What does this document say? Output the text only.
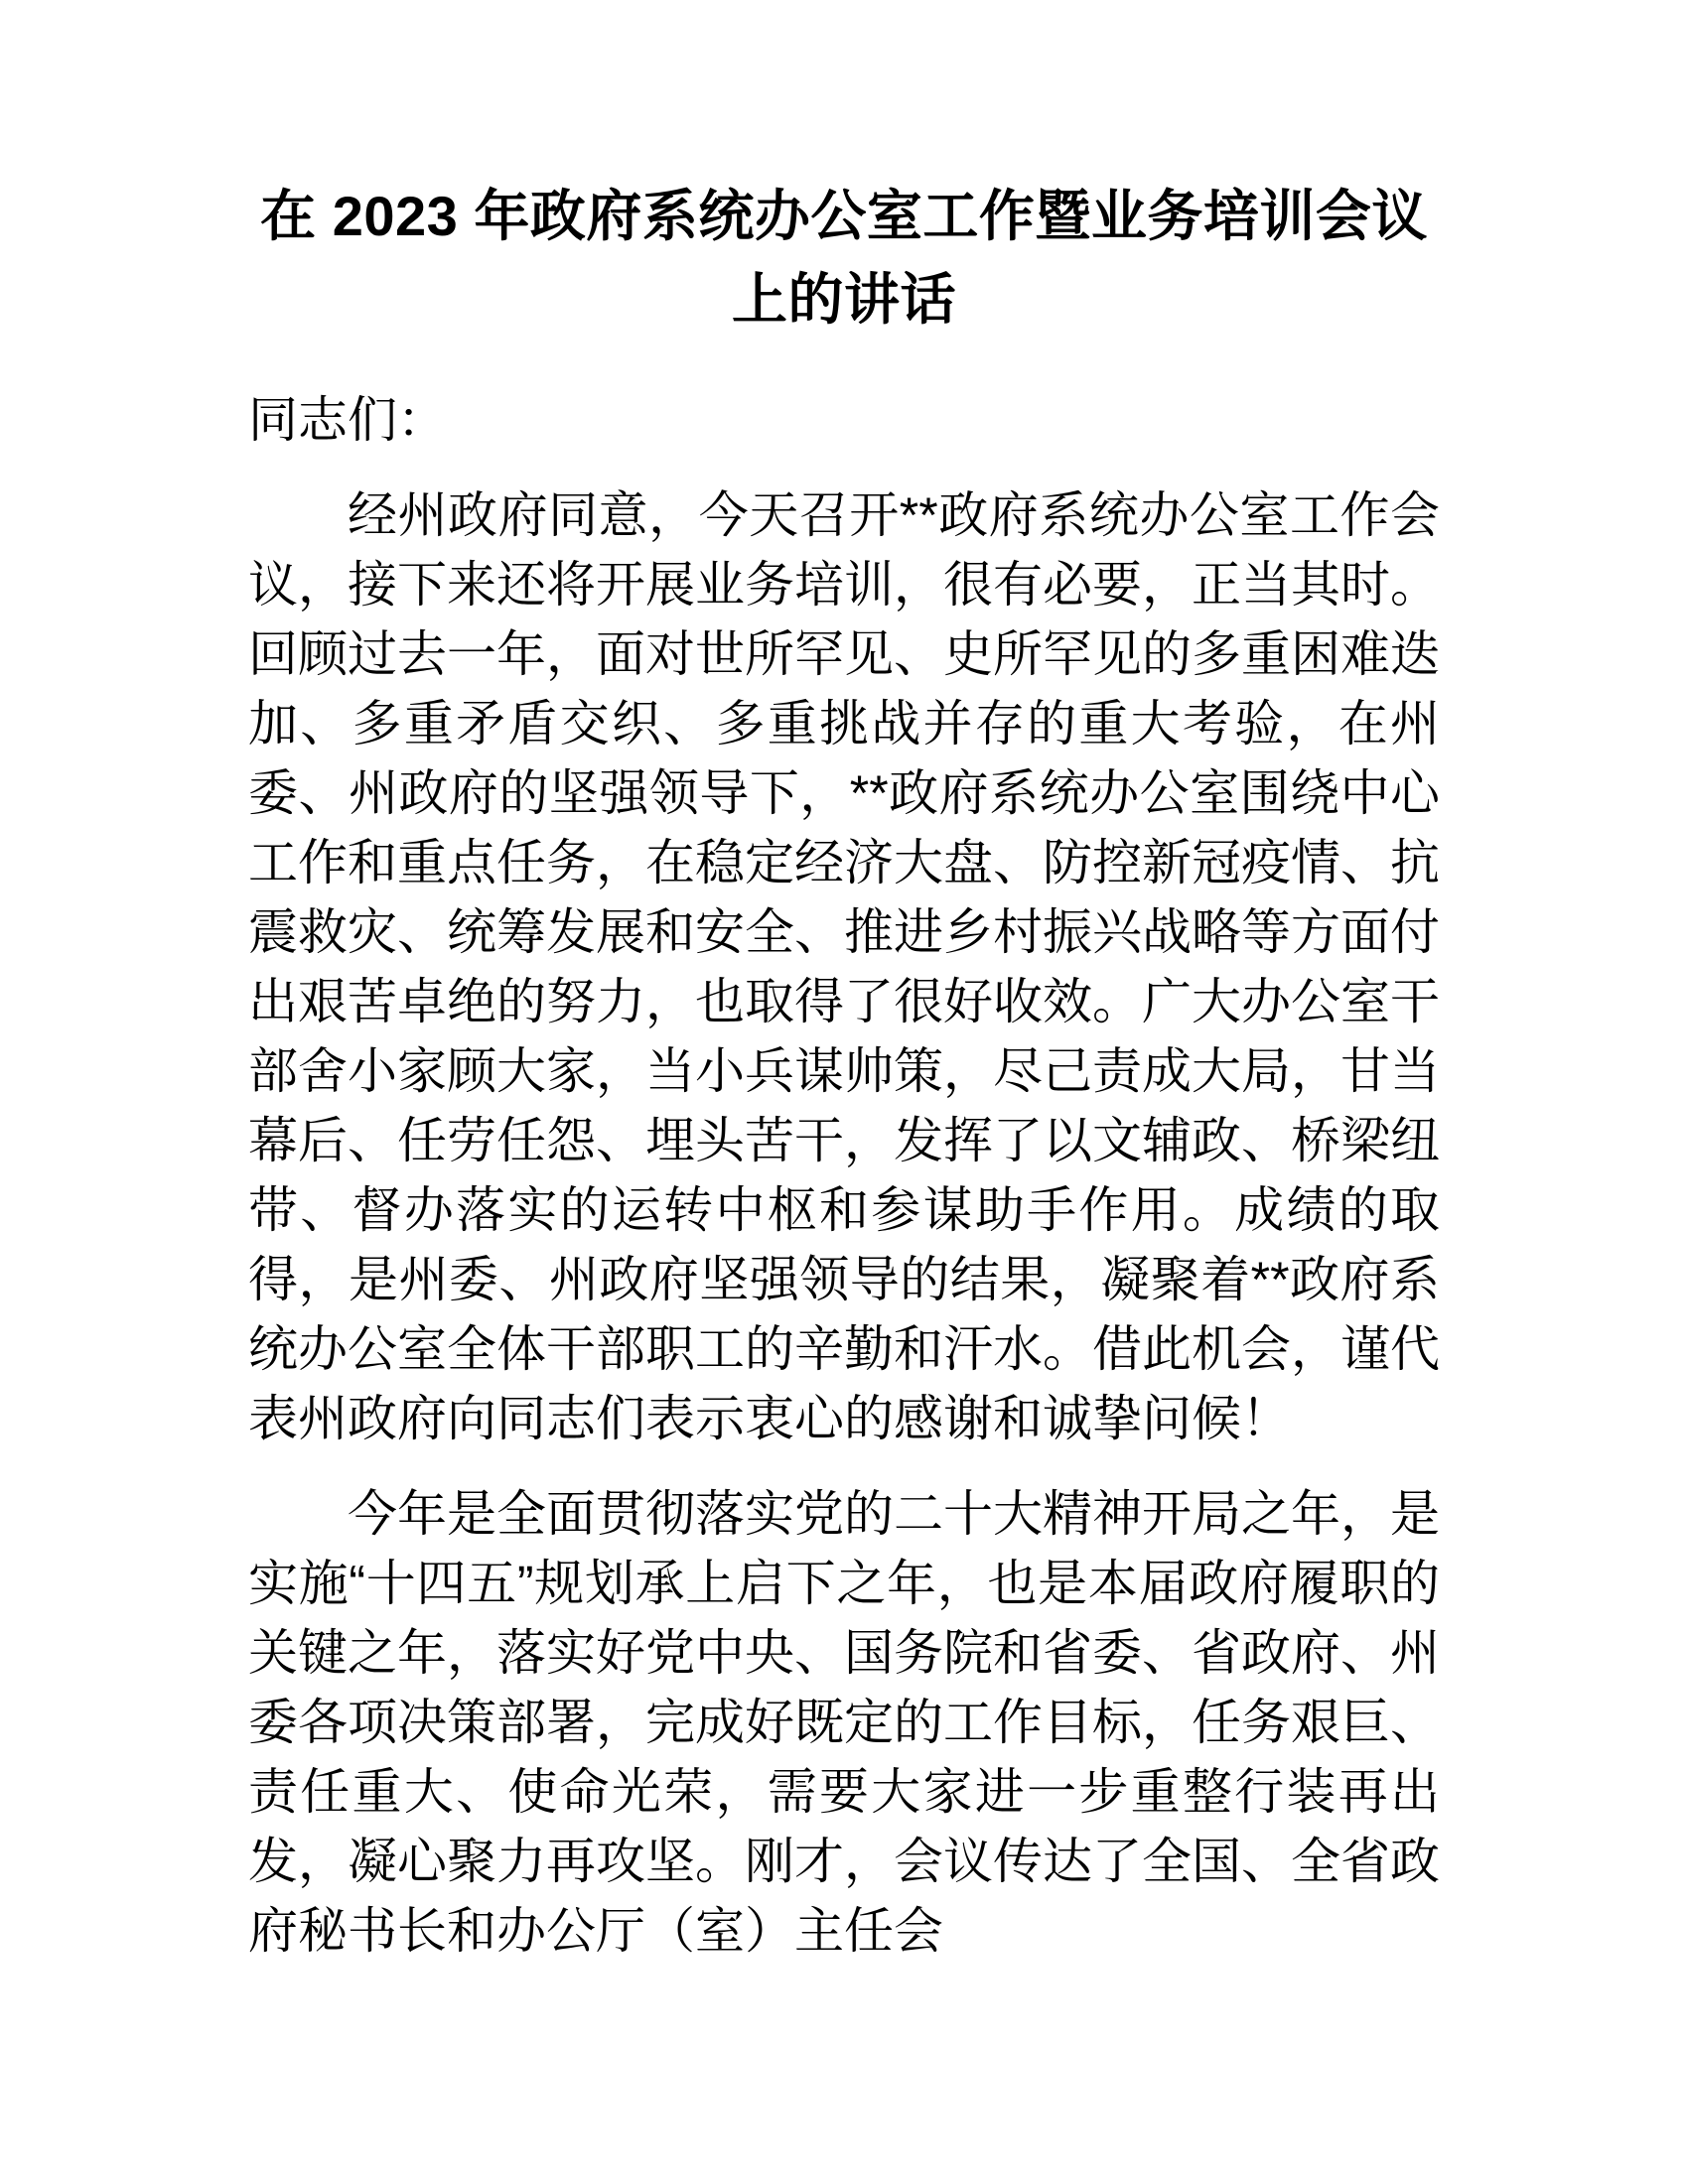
在 2023 年政府系统办公室工作暨业务培训会议上的讲话

同志们：

经州政府同意，今天召开**政府系统办公室工作会议，接下来还将开展业务培训，很有必要，正当其时。回顾过去一年，面对世所罕见、史所罕见的多重困难迭加、多重矛盾交织、多重挑战并存的重大考验，在州委、州政府的坚强领导下，**政府系统办公室围绕中心工作和重点任务，在稳定经济大盘、防控新冠疫情、抗震救灾、统筹发展和安全、推进乡村振兴战略等方面付出艰苦卓绝的努力，也取得了很好收效。广大办公室干部舍小家顾大家，当小兵谋帅策，尽己责成大局，甘当幕后、任劳任怨、埋头苦干，发挥了以文辅政、桥梁纽带、督办落实的运转中枢和参谋助手作用。成绩的取得，是州委、州政府坚强领导的结果，凝聚着**政府系统办公室全体干部职工的辛勤和汗水。借此机会，谨代表州政府向同志们表示衷心的感谢和诚挚问候！

今年是全面贯彻落实党的二十大精神开局之年，是实施“十四五”规划承上启下之年，也是本届政府履职的关键之年，落实好党中央、国务院和省委、省政府、州委各项决策部署，完成好既定的工作目标，任务艰巨、责任重大、使命光荣，需要大家进一步重整行装再出发，凝心聚力再攻坚。刚才，会议传达了全国、全省政府秘书长和办公厅（室）主任会
